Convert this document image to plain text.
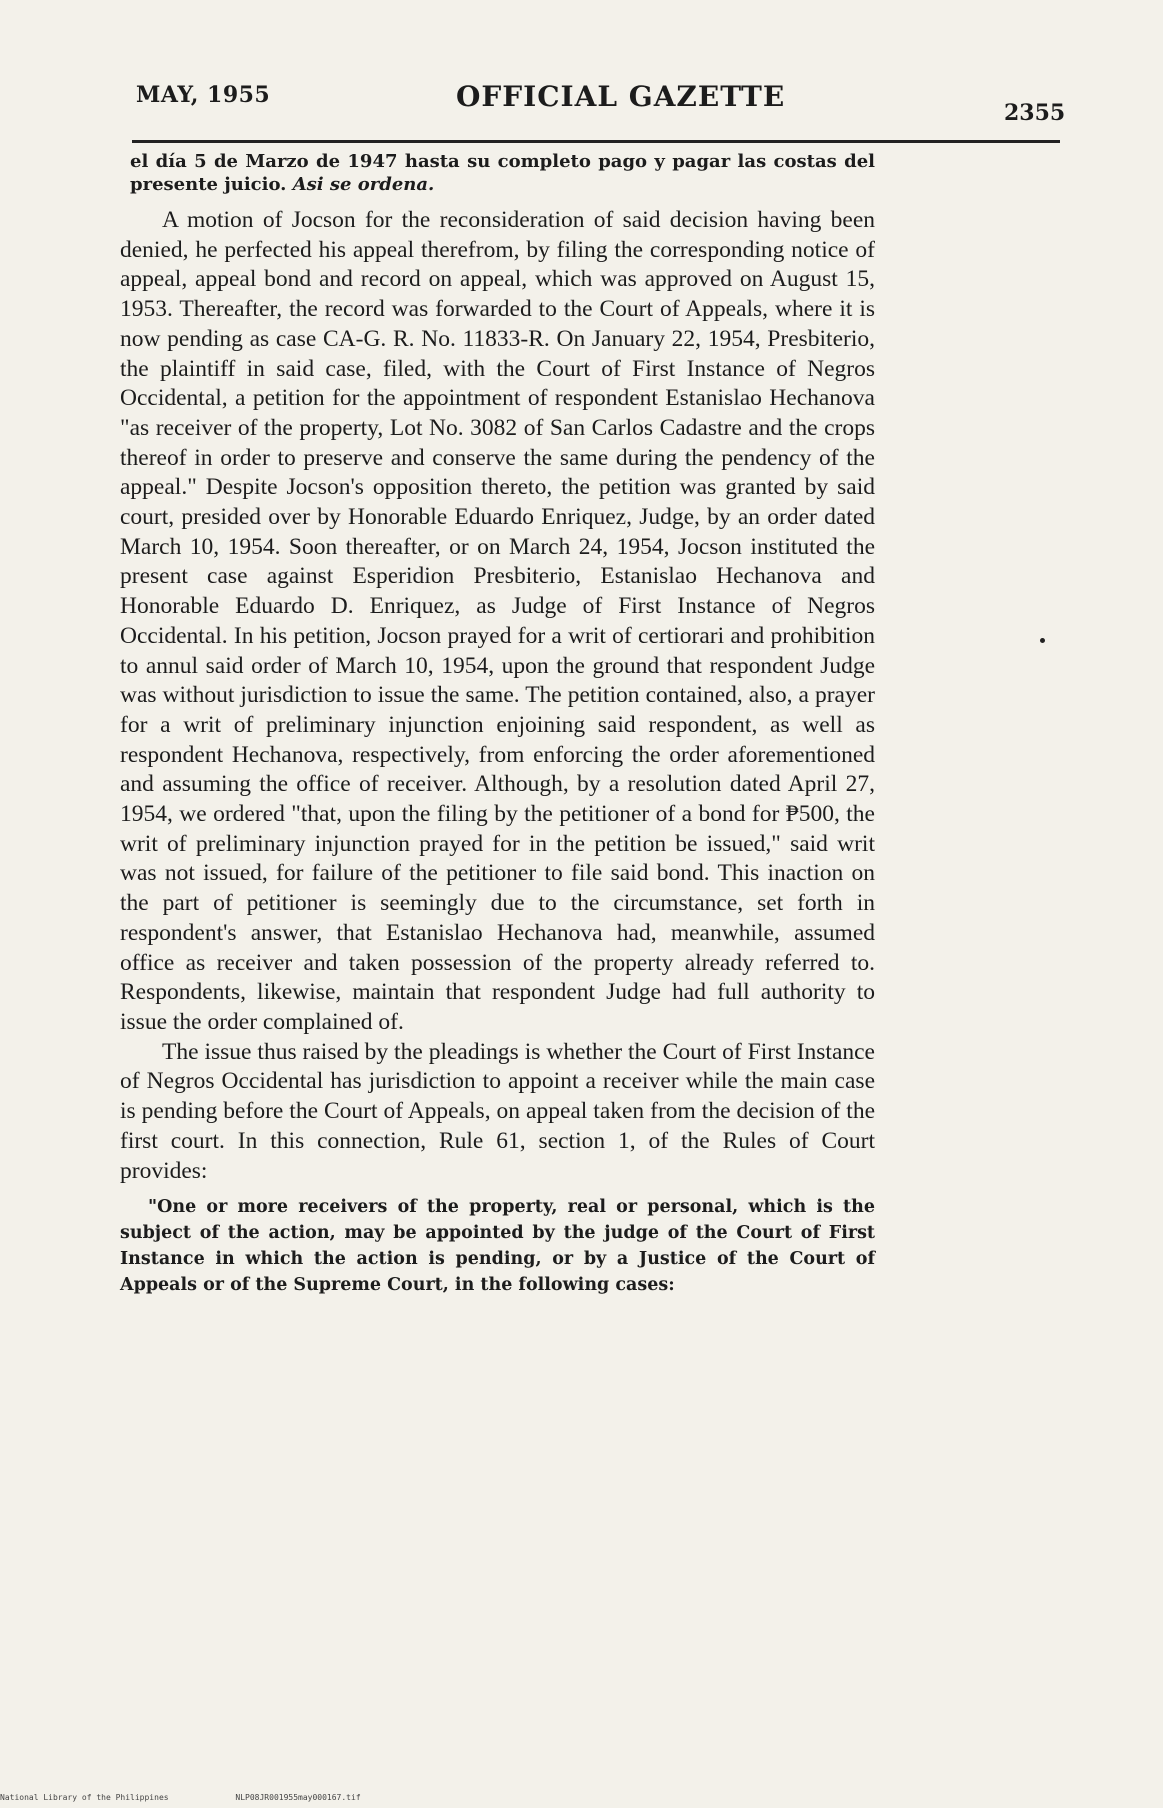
MAY, 1955	OFFICIAL GAZETTE	2355

el día 5 de Marzo de 1947 hasta su completo pago y pagar las costas del presente juicio. Asi se ordena.

A motion of Jocson for the reconsideration of said decision having been denied, he perfected his appeal therefrom, by filing the corresponding notice of appeal, appeal bond and record on appeal, which was approved on August 15, 1953. Thereafter, the record was forwarded to the Court of Appeals, where it is now pending as case CA-G. R. No. 11833-R. On January 22, 1954, Presbiterio, the plaintiff in said case, filed, with the Court of First Instance of Negros Occidental, a petition for the appointment of respondent Estanislao Hechanova "as receiver of the property, Lot No. 3082 of San Carlos Cadastre and the crops thereof in order to preserve and conserve the same during the pendency of the appeal." Despite Jocson's opposition thereto, the petition was granted by said court, presided over by Honorable Eduardo Enriquez, Judge, by an order dated March 10, 1954. Soon thereafter, or on March 24, 1954, Jocson instituted the present case against Esperidion Presbiterio, Estanislao Hechanova and Honorable Eduardo D. Enriquez, as Judge of First Instance of Negros Occidental. In his petition, Jocson prayed for a writ of certiorari and prohibition to annul said order of March 10, 1954, upon the ground that respondent Judge was without jurisdiction to issue the same. The petition contained, also, a prayer for a writ of preliminary injunction enjoining said respondent, as well as respondent Hechanova, respectively, from enforcing the order aforementioned and assuming the office of receiver. Although, by a resolution dated April 27, 1954, we ordered "that, upon the filing by the petitioner of a bond for ₱500, the writ of preliminary injunction prayed for in the petition be issued," said writ was not issued, for failure of the petitioner to file said bond. This inaction on the part of petitioner is seemingly due to the circumstance, set forth in respondent's answer, that Estanislao Hechanova had, meanwhile, assumed office as receiver and taken possession of the property already referred to. Respondents, likewise, maintain that respondent Judge had full authority to issue the order complained of.

The issue thus raised by the pleadings is whether the Court of First Instance of Negros Occidental has jurisdiction to appoint a receiver while the main case is pending before the Court of Appeals, on appeal taken from the decision of the first court. In this connection, Rule 61, section 1, of the Rules of Court provides:

"One or more receivers of the property, real or personal, which is the subject of the action, may be appointed by the judge of the Court of First Instance in which the action is pending, or by a Justice of the Court of Appeals or of the Supreme Court, in the following cases:

National Library of the Philippines	NLP08JR001955may000167.tif
